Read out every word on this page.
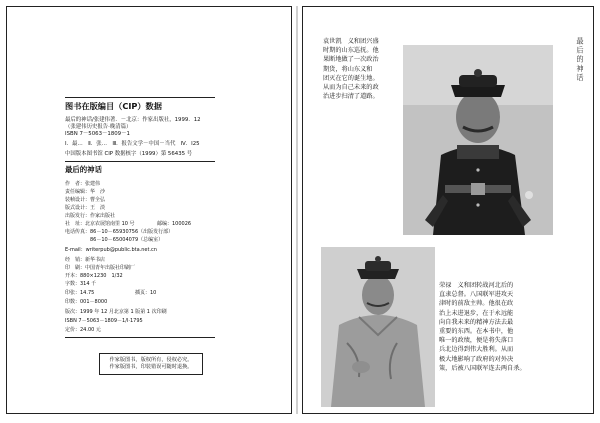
图书在版编目（CIP）数据
最后的神话/张建伟著．－北京：作家出版社，1999．12
（张建伟历史报告·晚清篇）
ISBN 7－5063－1809－1
Ⅰ．最…　Ⅱ．张…　Ⅲ．报告文学－中国－当代　Ⅳ．I25
中国版本图书馆 CIP 数据核字（1999）第 56435 号
最后的神话
作　者：张建伟
责任编辑：华　沙
装帧设计：曹全弘
版式设计：王　淡
出版发行：作家出版社
社　址：北京农展馆南里 10 号	邮编：100026
电话传真：86－10－65930756（出版发行部）
　　　　　86－10－65004079（总编室）
E-mail：writerpub@public.bta.net.cn
经　销：新华书店
印　刷：中国青年出版社印刷厂
开本：880×1230　1/32
字数：314 千
印张：14.75	插页：10
印数：001－8000
版次：1999 年 12 月北京第 1 版第 1 次印刷
ISBN 7－5063－1809－1/Ⅰ·1795
定价：24.00 元
作家版图书，版权所有，侵权必究。
作家版图书，印装错误可随时退换。
最后的神话
袁世凯　义和团兴盛
时期的山东巡抚。他
果断地做了一次政治
期货，将山东义和
团灭在它的诞生地。
从而为自己未来的政
治进步扫清了道路。
荣禄　义和团转战河北后的
直隶总督。八国联军进攻天
津时的前敌主帅。他很在政
治上未进退步，在于永远能
向自我未来的精神方法去最
重要的东西。在本书中，他
唯一的政绩，便是将失落口
兵北边得到伟大胜利。从而
极大地影响了政府的对外决
策，后被八国联军连去两自杀。
